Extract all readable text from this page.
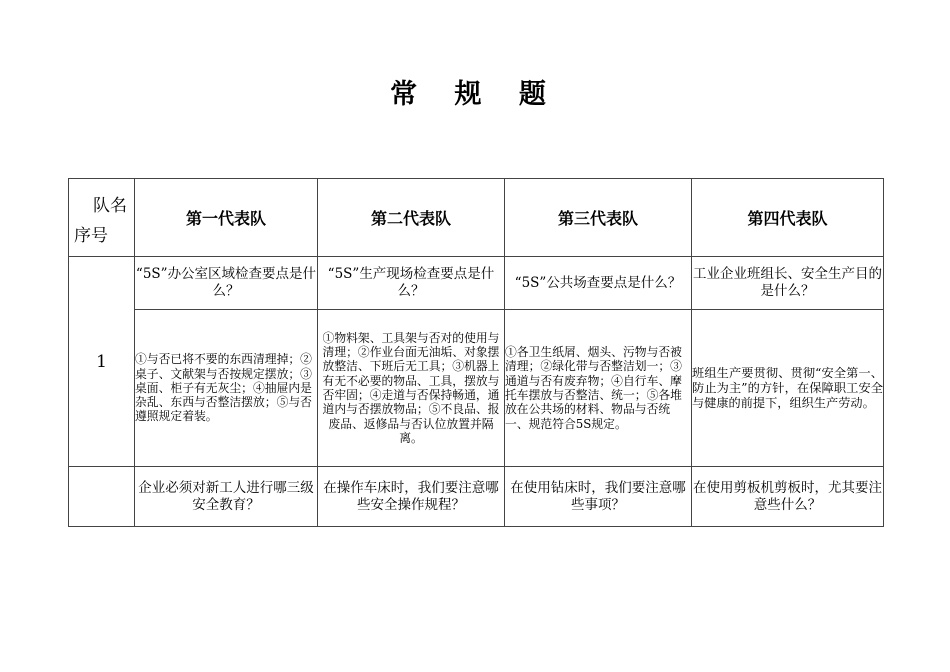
常 规 题
队名
序号	第一代表队	第二代表队	第三代表队	第四代表队
1	“5S”办公室区域检查要点是什么？	“5S”生产现场检查要点是什么？	“5S”公共场查要点是什么？	工业企业班组长、安全生产目的是什么？
	①与否已将不要的东西清理掉；②桌子、文献架与否按规定摆放；③桌面、柜子有无灰尘；④抽屉内是杂乱、东西与否整洁摆放；⑤与否遵照规定着装。	①物料架、工具架与否对的使用与清理；②作业台面无油垢、对象摆放整洁、下班后无工具；③机器上有无不必要的物品、工具，摆放与否牢固；④走道与否保持畅通，通道内与否摆放物品；⑤不良品、报废品、返修品与否认位放置并隔离。	①各卫生纸屑、烟头、污物与否被清理；②绿化带与否整洁划一；③通道与否有废弃物；④自行车、摩托车摆放与否整洁、统一；⑤各堆放在公共场的材料、物品与否统一、规范符合5S规定。	班组生产要贯彻、贯彻“安全第一、防止为主”的方针，在保障职工安全与健康的前提下，组织生产劳动。
	企业必须对新工人进行哪三级安全教育？	在操作车床时，我们要注意哪些安全操作规程？	在使用钻床时，我们要注意哪些事项？	在使用剪板机剪板时，尤其要注意些什么？
